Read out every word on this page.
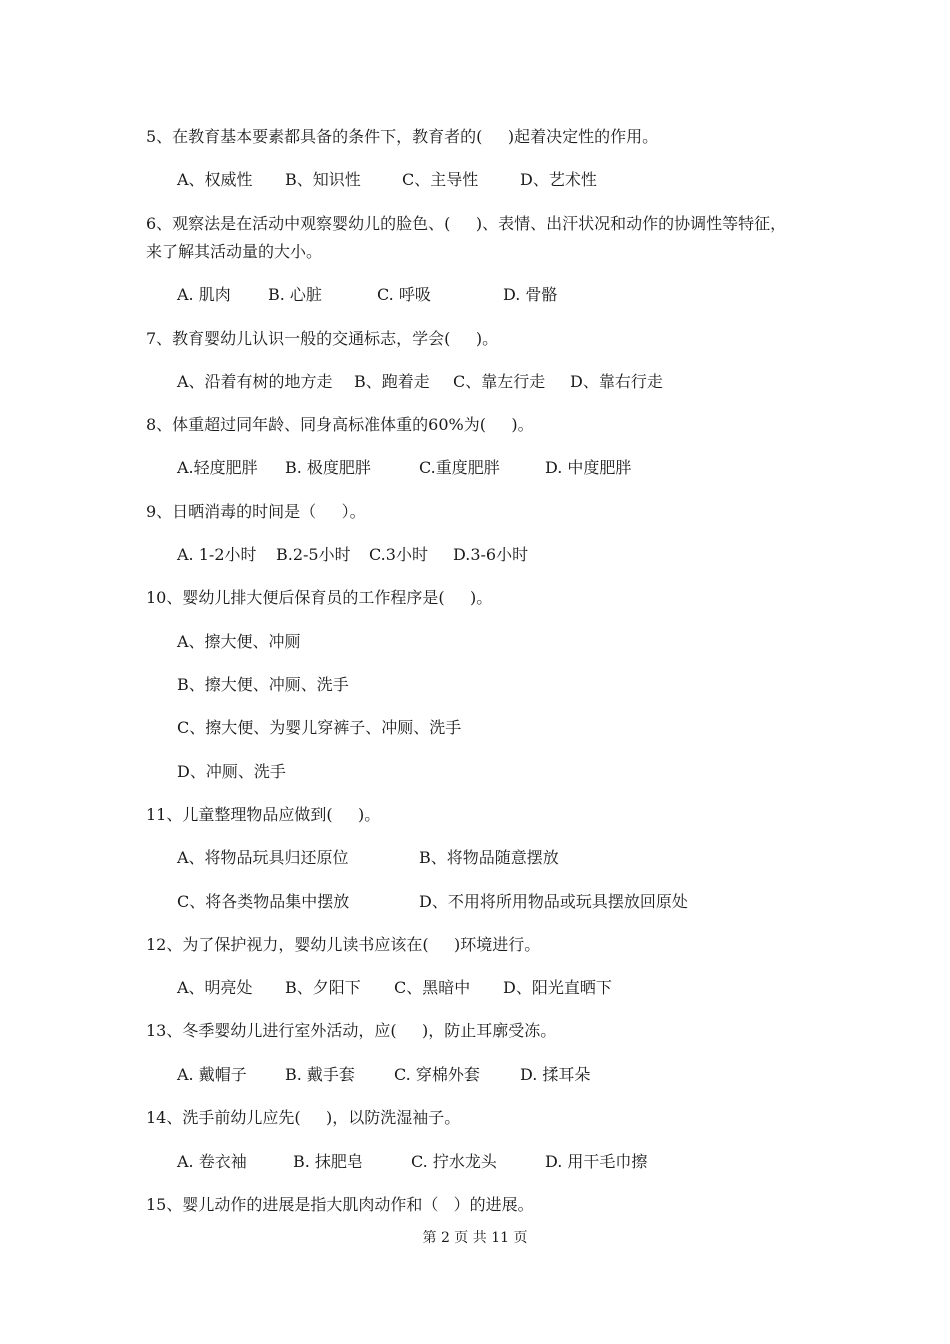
5、在教育基本要素都具备的条件下，教育者的(     )起着决定性的作用。
A、权威性 B、知识性	C、主导性	D、艺术性
6、观察法是在活动中观察婴幼儿的脸色、(     )、表情、出汗状况和动作的协调性等特征，
来了解其活动量的大小。
A. 肌肉 B. 心脏	C. 呼吸	D. 骨骼
7、教育婴幼儿认识一般的交通标志，学会(     )。
A、沿着有树的地方走 B、跑着走 C、靠左行走 D、靠右行走
8、体重超过同年龄、同身高标准体重的60%为(     )。
A.轻度肥胖 B. 极度肥胖	C.重度肥胖	D. 中度肥胖
9、日晒消毒的时间是（     ）。
A. 1-2小时 B.2-5小时 C.3小时 D.3-6小时
10、婴幼儿排大便后保育员的工作程序是(     )。
A、擦大便、冲厕
B、擦大便、冲厕、洗手
C、擦大便、为婴儿穿裤子、冲厕、洗手
D、冲厕、洗手
11、儿童整理物品应做到(     )。
A、将物品玩具归还原位	B、将物品随意摆放
C、将各类物品集中摆放	D、不用将所用物品或玩具摆放回原处
12、为了保护视力，婴幼儿读书应该在(     )环境进行。
A、明亮处 B、夕阳下 C、黑暗中 D、阳光直晒下
13、冬季婴幼儿进行室外活动，应(     )，防止耳廓受冻。
A. 戴帽子 B. 戴手套 C. 穿棉外套	D. 揉耳朵
14、洗手前幼儿应先(     )，以防洗湿袖子。
A. 卷衣袖	B. 抹肥皂	C. 拧水龙头	D. 用干毛巾擦
15、婴儿动作的进展是指大肌肉动作和（   ）的进展。
第 2 页 共 11 页
